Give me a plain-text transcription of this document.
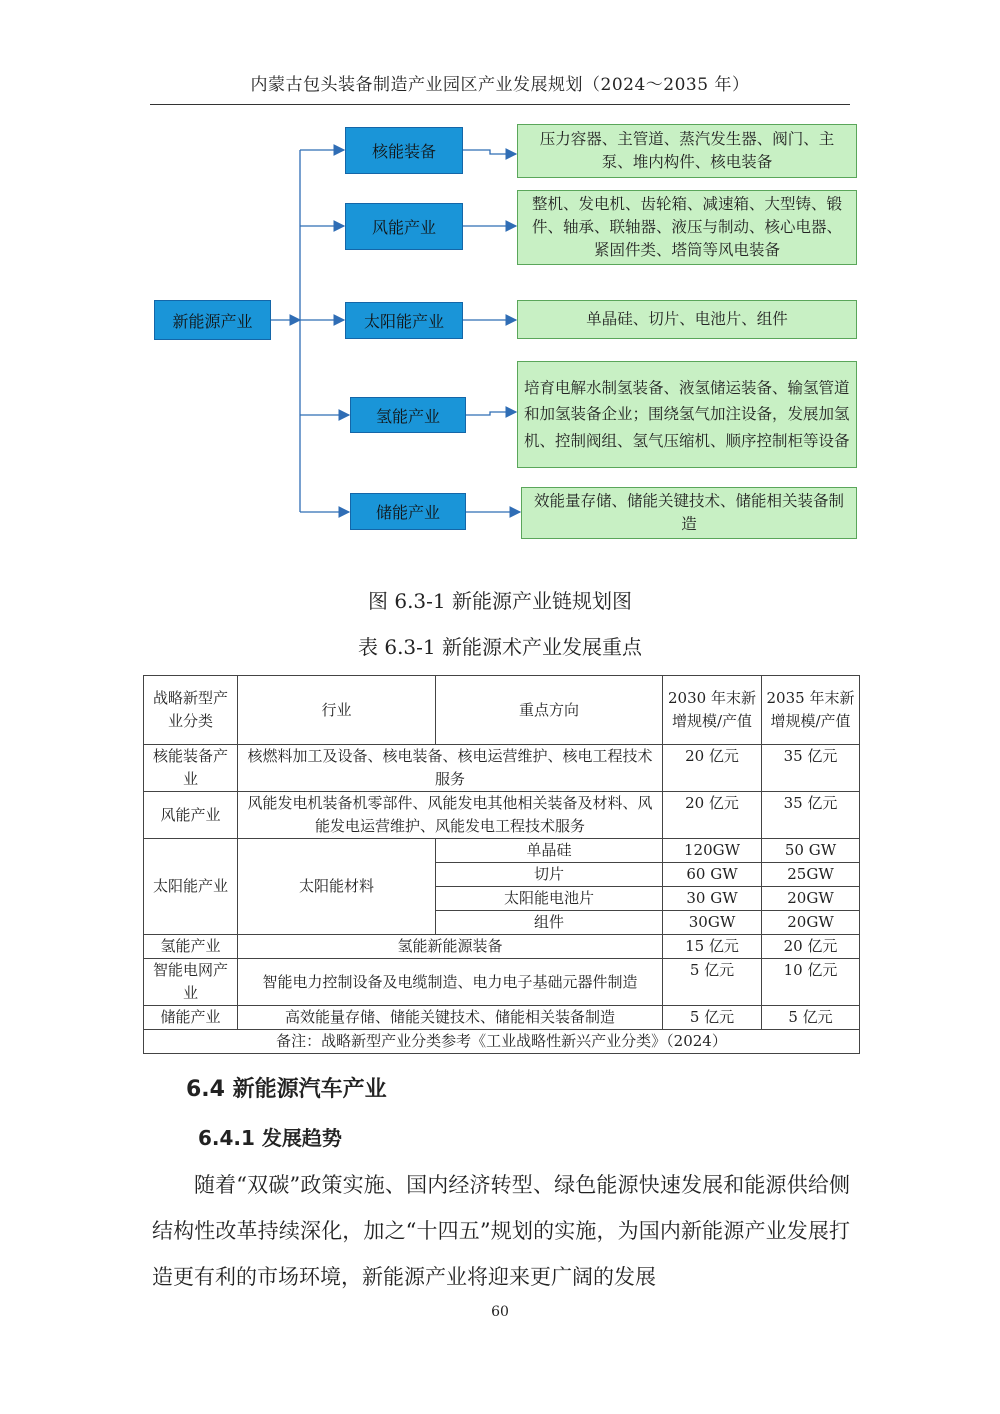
内蒙古包头装备制造产业园区产业发展规划（2024～2035 年）
新能源产业
核能装备
风能产业
太阳能产业
氢能产业
储能产业
压力容器、主管道、蒸汽发生器、阀门、主泵、堆内构件、核电装备
整机、发电机、齿轮箱、减速箱、大型铸、锻件、轴承、联轴器、液压与制动、核心电器、紧固件类、塔筒等风电装备
单晶硅、切片、电池片、组件
培育电解水制氢装备、液氢储运装备、输氢管道和加氢装备企业；围绕氢气加注设备，发展加氢机、控制阀组、氢气压缩机、顺序控制柜等设备
效能量存储、储能关键技术、储能相关装备制造
图 6.3-1 新能源产业链规划图
表 6.3-1 新能源术产业发展重点
战略新型产业分类	行业	重点方向	2030 年末新增规模/产值	2035 年末新增规模/产值
核能装备产业	核燃料加工及设备、核电装备、核电运营维护、核电工程技术服务		20 亿元	35 亿元
风能产业	风能发电机装备机零部件、风能发电其他相关装备及材料、风能发电运营维护、风能发电工程技术服务		20 亿元	35 亿元
太阳能产业	太阳能材料	单晶硅	120GW	50 GW
		切片	60 GW	25GW
		太阳能电池片	30 GW	20GW
		组件	30GW	20GW
氢能产业	氢能新能源装备		15 亿元	20 亿元
智能电网产业	智能电力控制设备及电缆制造、电力电子基础元器件制造		5 亿元	10 亿元
储能产业	高效能量存储、储能关键技术、储能相关装备制造		5 亿元	5 亿元
备注：战略新型产业分类参考《工业战略性新兴产业分类》（2024）				
6.4 新能源汽车产业
6.4.1 发展趋势
随着“双碳”政策实施、国内经济转型、绿色能源快速发展和能源供给侧结构性改革持续深化，加之“十四五”规划的实施，为国内新能源产业发展打造更有利的市场环境，新能源产业将迎来更广阔的发展
60
